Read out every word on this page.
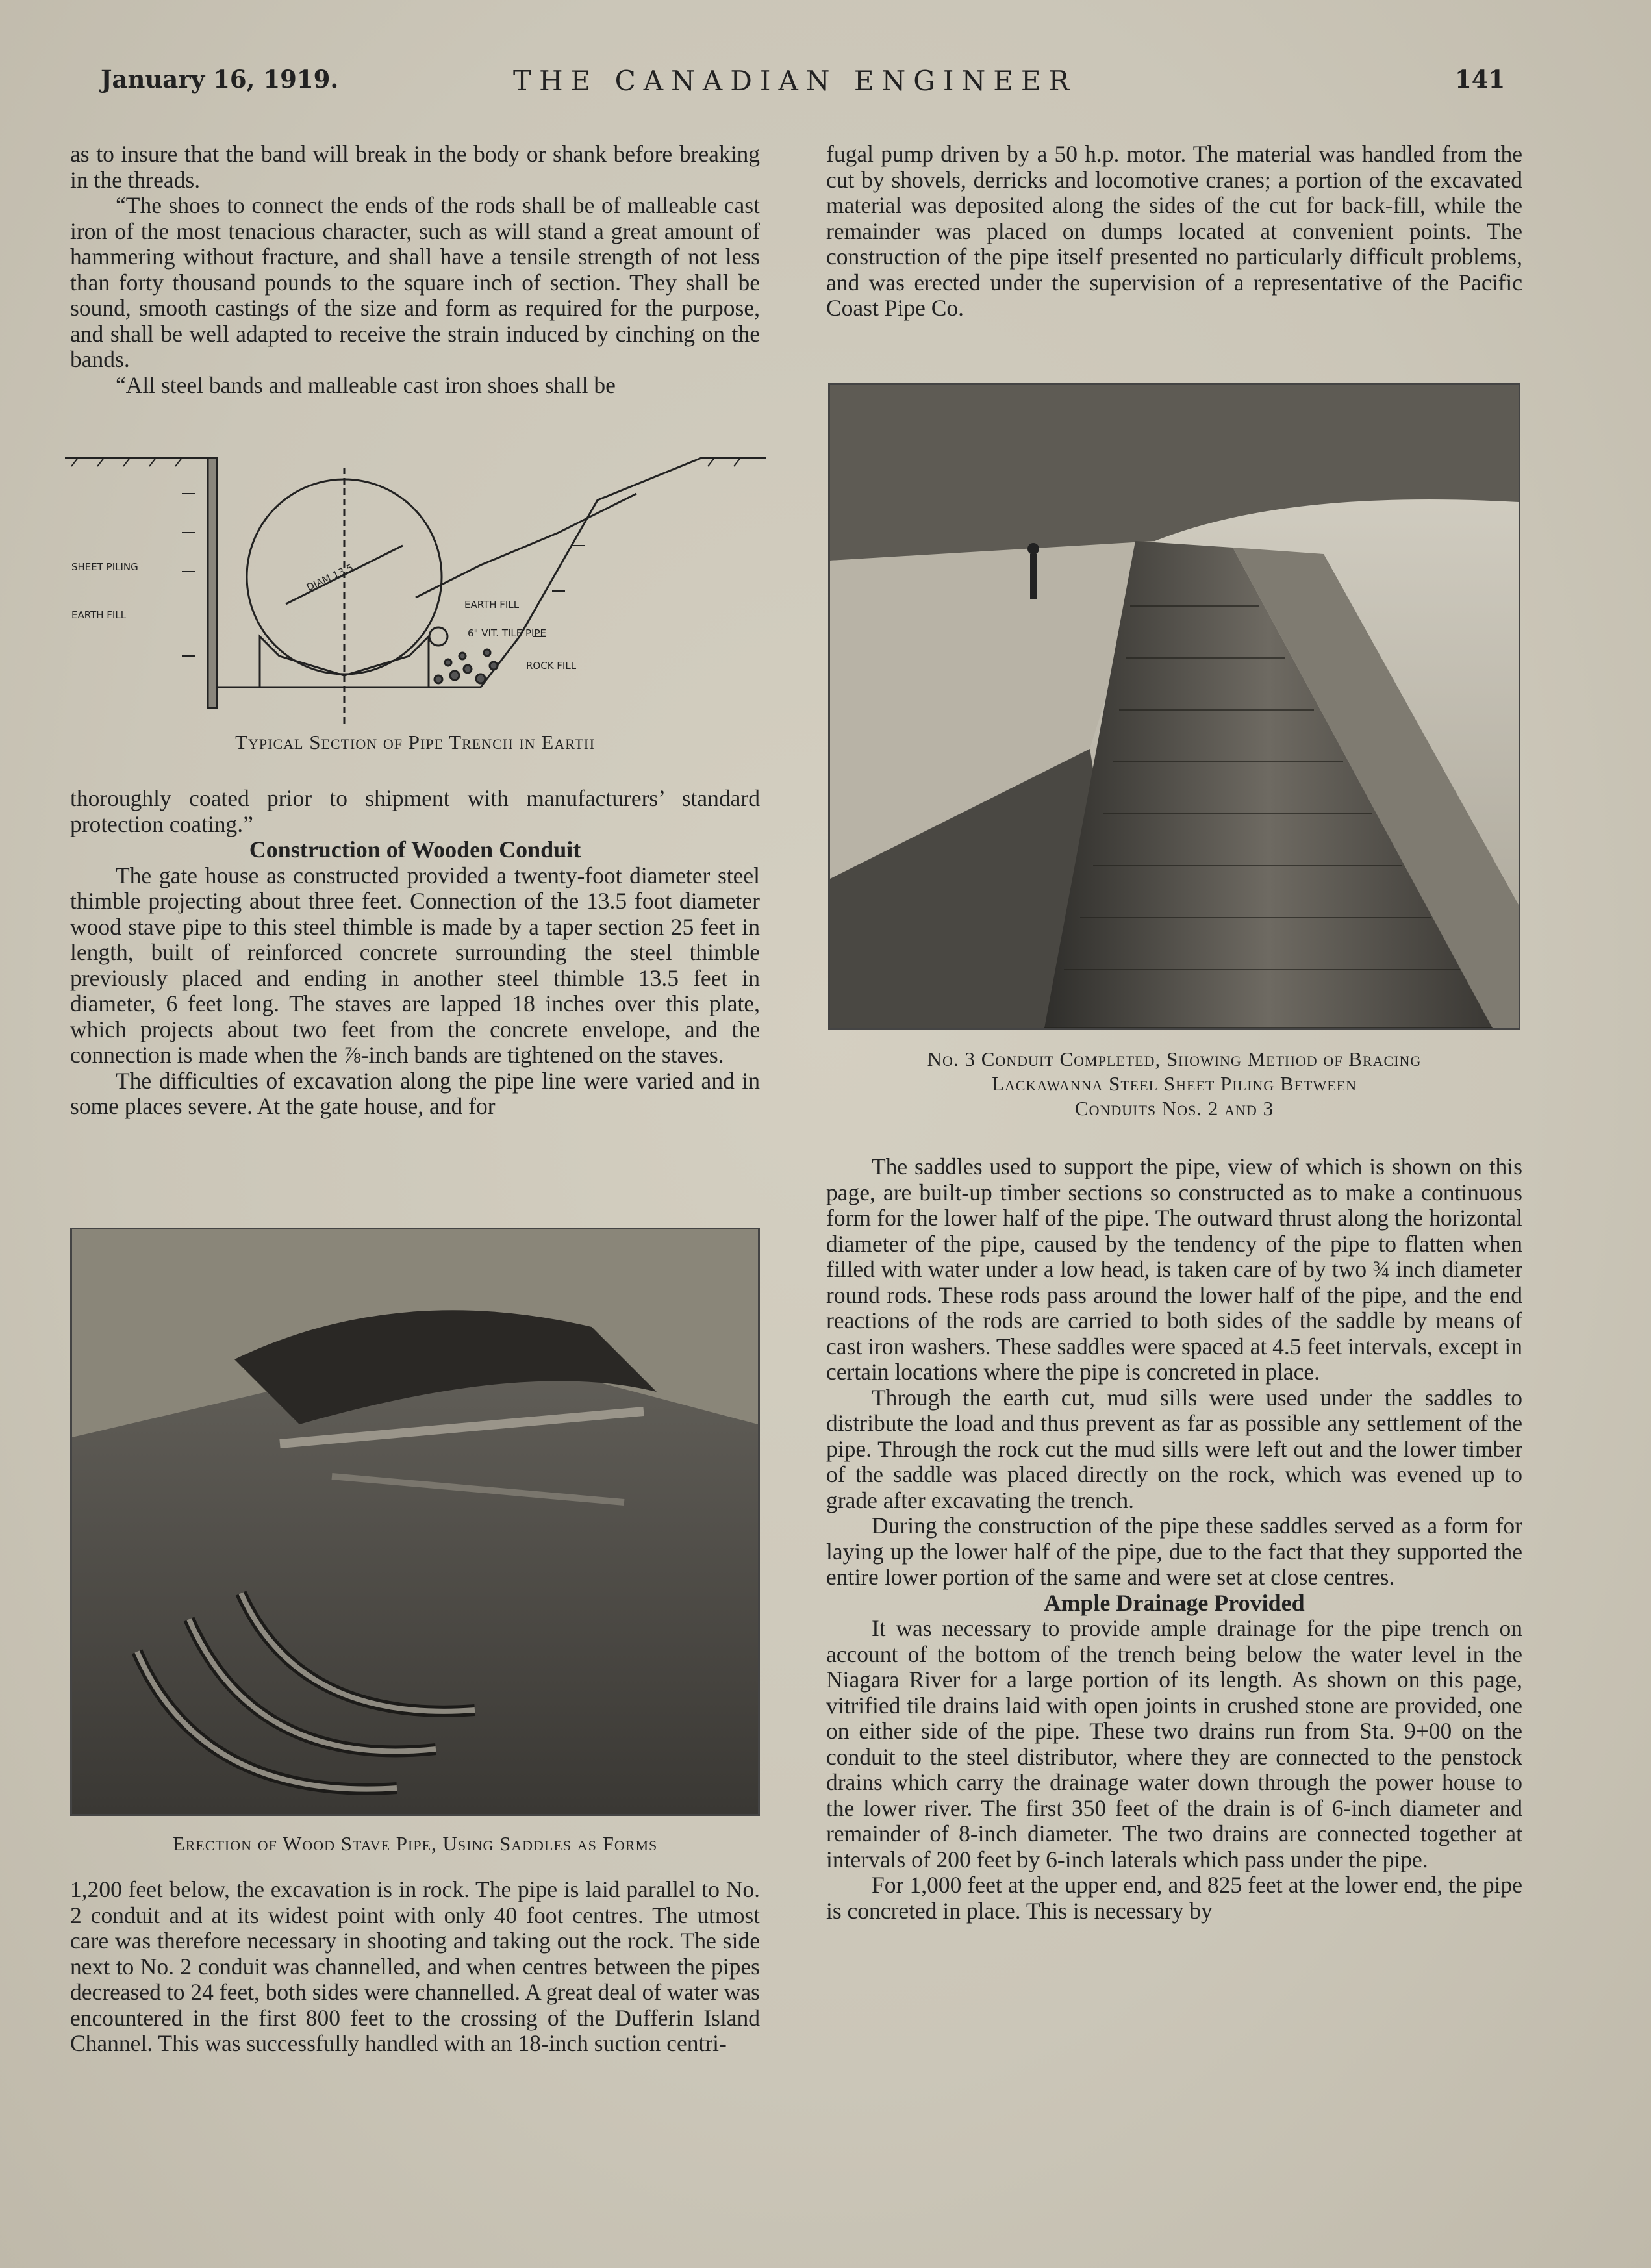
January 16, 1919.	THE CANADIAN ENGINEER	141

as to insure that the band will break in the body or shank before breaking in the threads.

“The shoes to connect the ends of the rods shall be of malleable cast iron of the most tenacious character, such as will stand a great amount of hammering without fracture, and shall have a tensile strength of not less than forty thousand pounds to the square inch of section. They shall be sound, smooth castings of the size and form as required for the purpose, and shall be well adapted to receive the strain induced by cinching on the bands.

“All steel bands and malleable cast iron shoes shall be

SHEET PILING
EARTH FILL
EARTH FILL
DIAM 13.5
6" VIT. TILE PIPE
ROCK FILL
Typical Section of Pipe Trench in Earth

thoroughly coated prior to shipment with manufacturers’ standard protection coating.”

Construction of Wooden Conduit

The gate house as constructed provided a twenty-foot diameter steel thimble projecting about three feet. Connection of the 13.5 foot diameter wood stave pipe to this steel thimble is made by a taper section 25 feet in length, built of reinforced concrete surrounding the steel thimble previously placed and ending in another steel thimble 13.5 feet in diameter, 6 feet long. The staves are lapped 18 inches over this plate, which projects about two feet from the concrete envelope, and the connection is made when the ⅞-inch bands are tightened on the staves.

The difficulties of excavation along the pipe line were varied and in some places severe. At the gate house, and for

Erection of Wood Stave Pipe, Using Saddles as Forms

1,200 feet below, the excavation is in rock. The pipe is laid parallel to No. 2 conduit and at its widest point with only 40 foot centres. The utmost care was therefore necessary in shooting and taking out the rock. The side next to No. 2 conduit was channelled, and when centres between the pipes decreased to 24 feet, both sides were channelled. A great deal of water was encountered in the first 800 feet to the crossing of the Dufferin Island Channel. This was successfully handled with an 18-inch suction centri-

fugal pump driven by a 50 h.p. motor. The material was handled from the cut by shovels, derricks and locomotive cranes; a portion of the excavated material was deposited along the sides of the cut for back-fill, while the remainder was placed on dumps located at convenient points. The construction of the pipe itself presented no particularly difficult problems, and was erected under the supervision of a representative of the Pacific Coast Pipe Co.

No. 3 Conduit Completed, Showing Method of Bracing
Lackawanna Steel Sheet Piling Between
Conduits Nos. 2 and 3

The saddles used to support the pipe, view of which is shown on this page, are built-up timber sections so constructed as to make a continuous form for the lower half of the pipe. The outward thrust along the horizontal diameter of the pipe, caused by the tendency of the pipe to flatten when filled with water under a low head, is taken care of by two ¾ inch diameter round rods. These rods pass around the lower half of the pipe, and the end reactions of the rods are carried to both sides of the saddle by means of cast iron washers. These saddles were spaced at 4.5 feet intervals, except in certain locations where the pipe is concreted in place.

Through the earth cut, mud sills were used under the saddles to distribute the load and thus prevent as far as possible any settlement of the pipe. Through the rock cut the mud sills were left out and the lower timber of the saddle was placed directly on the rock, which was evened up to grade after excavating the trench.

During the construction of the pipe these saddles served as a form for laying up the lower half of the pipe, due to the fact that they supported the entire lower portion of the same and were set at close centres.

Ample Drainage Provided

It was necessary to provide ample drainage for the pipe trench on account of the bottom of the trench being below the water level in the Niagara River for a large portion of its length. As shown on this page, vitrified tile drains laid with open joints in crushed stone are provided, one on either side of the pipe. These two drains run from Sta. 9+00 on the conduit to the steel distributor, where they are connected to the penstock drains which carry the drainage water down through the power house to the lower river. The first 350 feet of the drain is of 6-inch diameter and remainder of 8-inch diameter. The two drains are connected together at intervals of 200 feet by 6-inch laterals which pass under the pipe.

For 1,000 feet at the upper end, and 825 feet at the lower end, the pipe is concreted in place. This is necessary by
